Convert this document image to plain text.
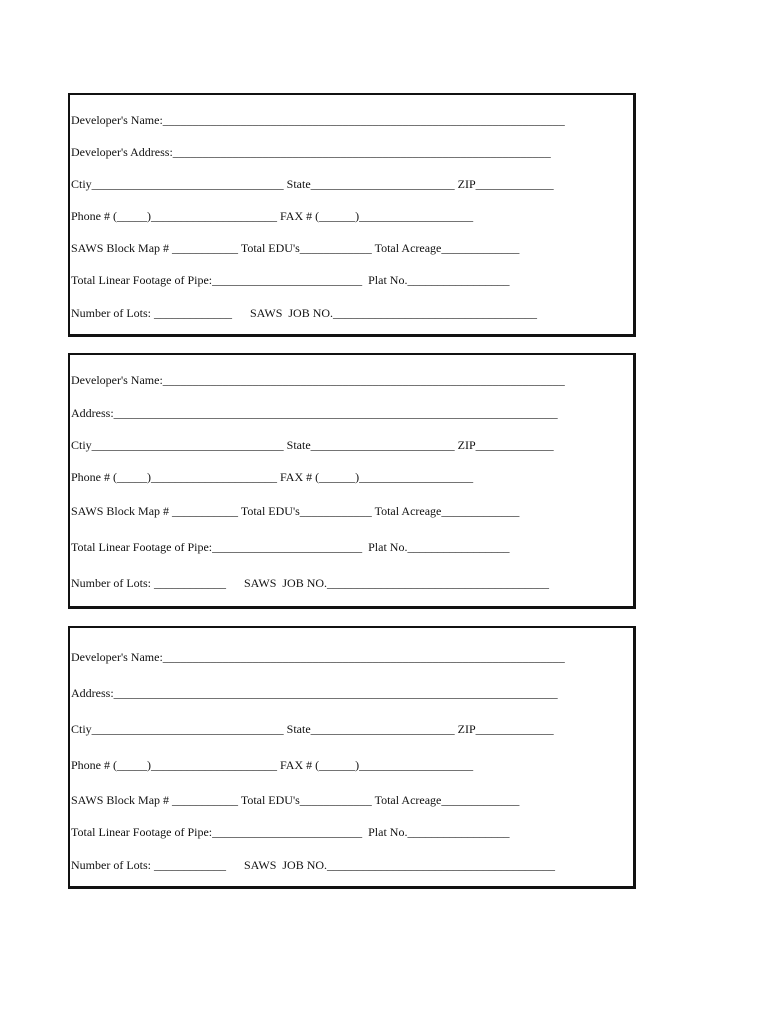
Developer's Name:___________________________________________________________________
Developer's Address:_______________________________________________________________
Ctiy________________________________ State________________________ ZIP_____________
Phone # (_____)_____________________ FAX # (______)___________________
SAWS Block Map # ___________ Total EDU's____________ Total Acreage_____________
Total Linear Footage of Pipe:_________________________  Plat No._________________
Number of Lots: _____________      SAWS  JOB NO.__________________________________
Developer's Name:___________________________________________________________________
Address:__________________________________________________________________________
Ctiy________________________________ State________________________ ZIP_____________
Phone # (_____)_____________________ FAX # (______)___________________
SAWS Block Map # ___________ Total EDU's____________ Total Acreage_____________
Total Linear Footage of Pipe:_________________________  Plat No._________________
Number of Lots: ____________      SAWS  JOB NO._____________________________________
Developer's Name:___________________________________________________________________
Address:__________________________________________________________________________
Ctiy________________________________ State________________________ ZIP_____________
Phone # (_____)_____________________ FAX # (______)___________________
SAWS Block Map # ___________ Total EDU's____________ Total Acreage_____________
Total Linear Footage of Pipe:_________________________  Plat No._________________
Number of Lots: ____________      SAWS  JOB NO.______________________________________
